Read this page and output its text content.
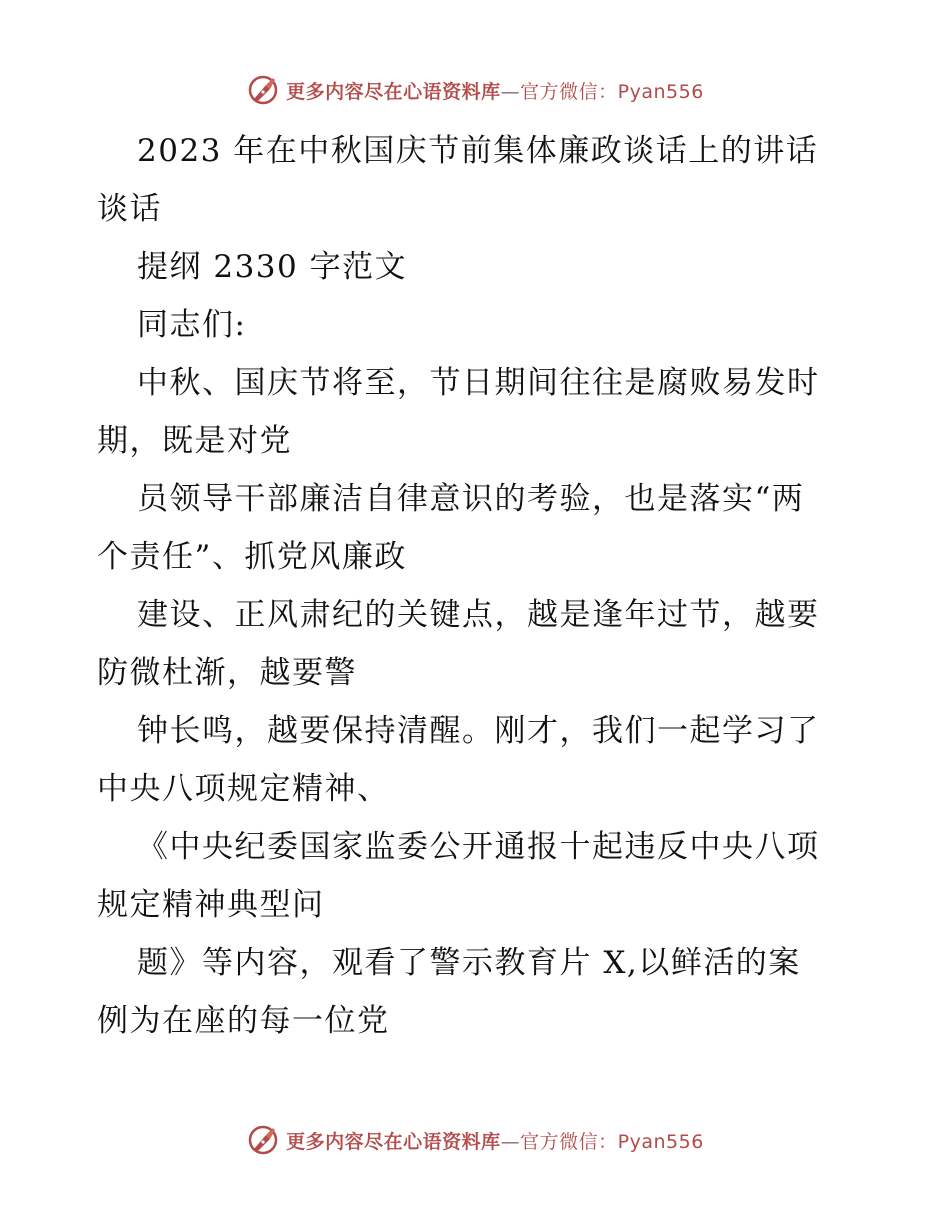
更多内容尽在心语资料库—官方微信：Pyan556
2023 年在中秋国庆节前集体廉政谈话上的讲话
谈话
提纲 2330 字范文
同志们:
中秋、国庆节将至，节日期间往往是腐败易发时
期，既是对党
员领导干部廉洁自律意识的考验，也是落实“两
个责任”、抓党风廉政
建设、正风肃纪的关键点，越是逢年过节，越要
防微杜渐，越要警
钟长鸣，越要保持清醒。刚才，我们一起学习了
中央八项规定精神、
《中央纪委国家监委公开通报十起违反中央八项
规定精神典型问
题》等内容，观看了警示教育片 X,以鲜活的案
例为在座的每一位党
更多内容尽在心语资料库—官方微信：Pyan556
